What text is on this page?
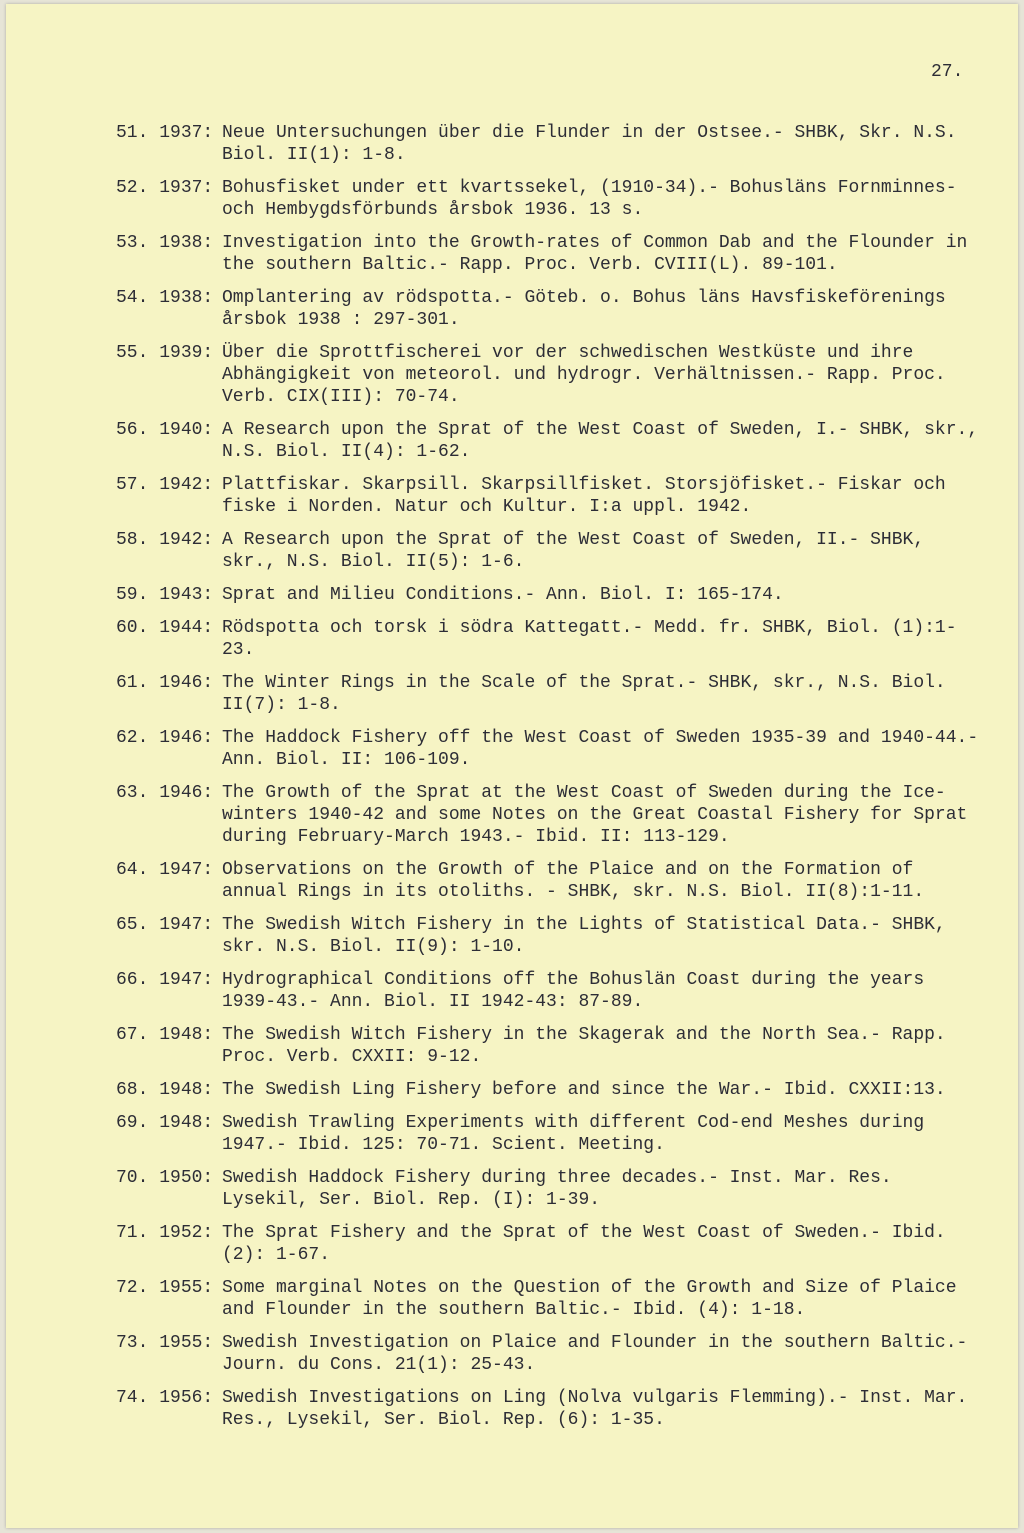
27.
51. 1937: Neue Untersuchungen über die Flunder in der Ostsee.- SHBK, Skr. N.S. Biol. II(1): 1-8.
52. 1937: Bohusfisket under ett kvartssekel, (1910-34).- Bohusläns Fornminnes- och Hembygdsförbunds årsbok 1936. 13 s.
53. 1938: Investigation into the Growth-rates of Common Dab and the Flounder in the southern Baltic.- Rapp. Proc. Verb. CVIII(L). 89-101.
54. 1938: Omplantering av rödspotta.- Göteb. o. Bohus läns Havsfiskeförenings årsbok 1938 : 297-301.
55. 1939: Über die Sprottfischerei vor der schwedischen Westküste und ihre Abhängigkeit von meteorol. und hydrogr. Verhältnissen.- Rapp. Proc. Verb. CIX(III): 70-74.
56. 1940: A Research upon the Sprat of the West Coast of Sweden, I.- SHBK, skr., N.S. Biol. II(4): 1-62.
57. 1942: Plattfiskar. Skarpsill. Skarpsillfisket. Storsjöfisket.- Fiskar och fiske i Norden. Natur och Kultur. I:a uppl. 1942.
58. 1942: A Research upon the Sprat of the West Coast of Sweden, II.- SHBK, skr., N.S. Biol. II(5): 1-6.
59. 1943: Sprat and Milieu Conditions.- Ann. Biol. I: 165-174.
60. 1944: Rödspotta och torsk i södra Kattegatt.- Medd. fr. SHBK, Biol. (1):1-23.
61. 1946: The Winter Rings in the Scale of the Sprat.- SHBK, skr., N.S. Biol. II(7): 1-8.
62. 1946: The Haddock Fishery off the West Coast of Sweden 1935-39 and 1940-44.- Ann. Biol. II: 106-109.
63. 1946: The Growth of the Sprat at the West Coast of Sweden during the Ice-winters 1940-42 and some Notes on the Great Coastal Fishery for Sprat during February-March 1943.- Ibid. II: 113-129.
64. 1947: Observations on the Growth of the Plaice and on the Formation of annual Rings in its otoliths. - SHBK, skr. N.S. Biol. II(8):1-11.
65. 1947: The Swedish Witch Fishery in the Lights of Statistical Data.- SHBK, skr. N.S. Biol. II(9): 1-10.
66. 1947: Hydrographical Conditions off the Bohuslän Coast during the years 1939-43.- Ann. Biol. II 1942-43: 87-89.
67. 1948: The Swedish Witch Fishery in the Skagerak and the North Sea.- Rapp. Proc. Verb. CXXII: 9-12.
68. 1948: The Swedish Ling Fishery before and since the War.- Ibid. CXXII:13.
69. 1948: Swedish Trawling Experiments with different Cod-end Meshes during 1947.- Ibid. 125: 70-71. Scient. Meeting.
70. 1950: Swedish Haddock Fishery during three decades.- Inst. Mar. Res. Lysekil, Ser. Biol. Rep. (I): 1-39.
71. 1952: The Sprat Fishery and the Sprat of the West Coast of Sweden.- Ibid. (2): 1-67.
72. 1955: Some marginal Notes on the Question of the Growth and Size of Plaice and Flounder in the southern Baltic.- Ibid. (4): 1-18.
73. 1955: Swedish Investigation on Plaice and Flounder in the southern Baltic.- Journ. du Cons. 21(1): 25-43.
74. 1956: Swedish Investigations on Ling (Nolva vulgaris Flemming).- Inst. Mar. Res., Lysekil, Ser. Biol. Rep. (6): 1-35.
